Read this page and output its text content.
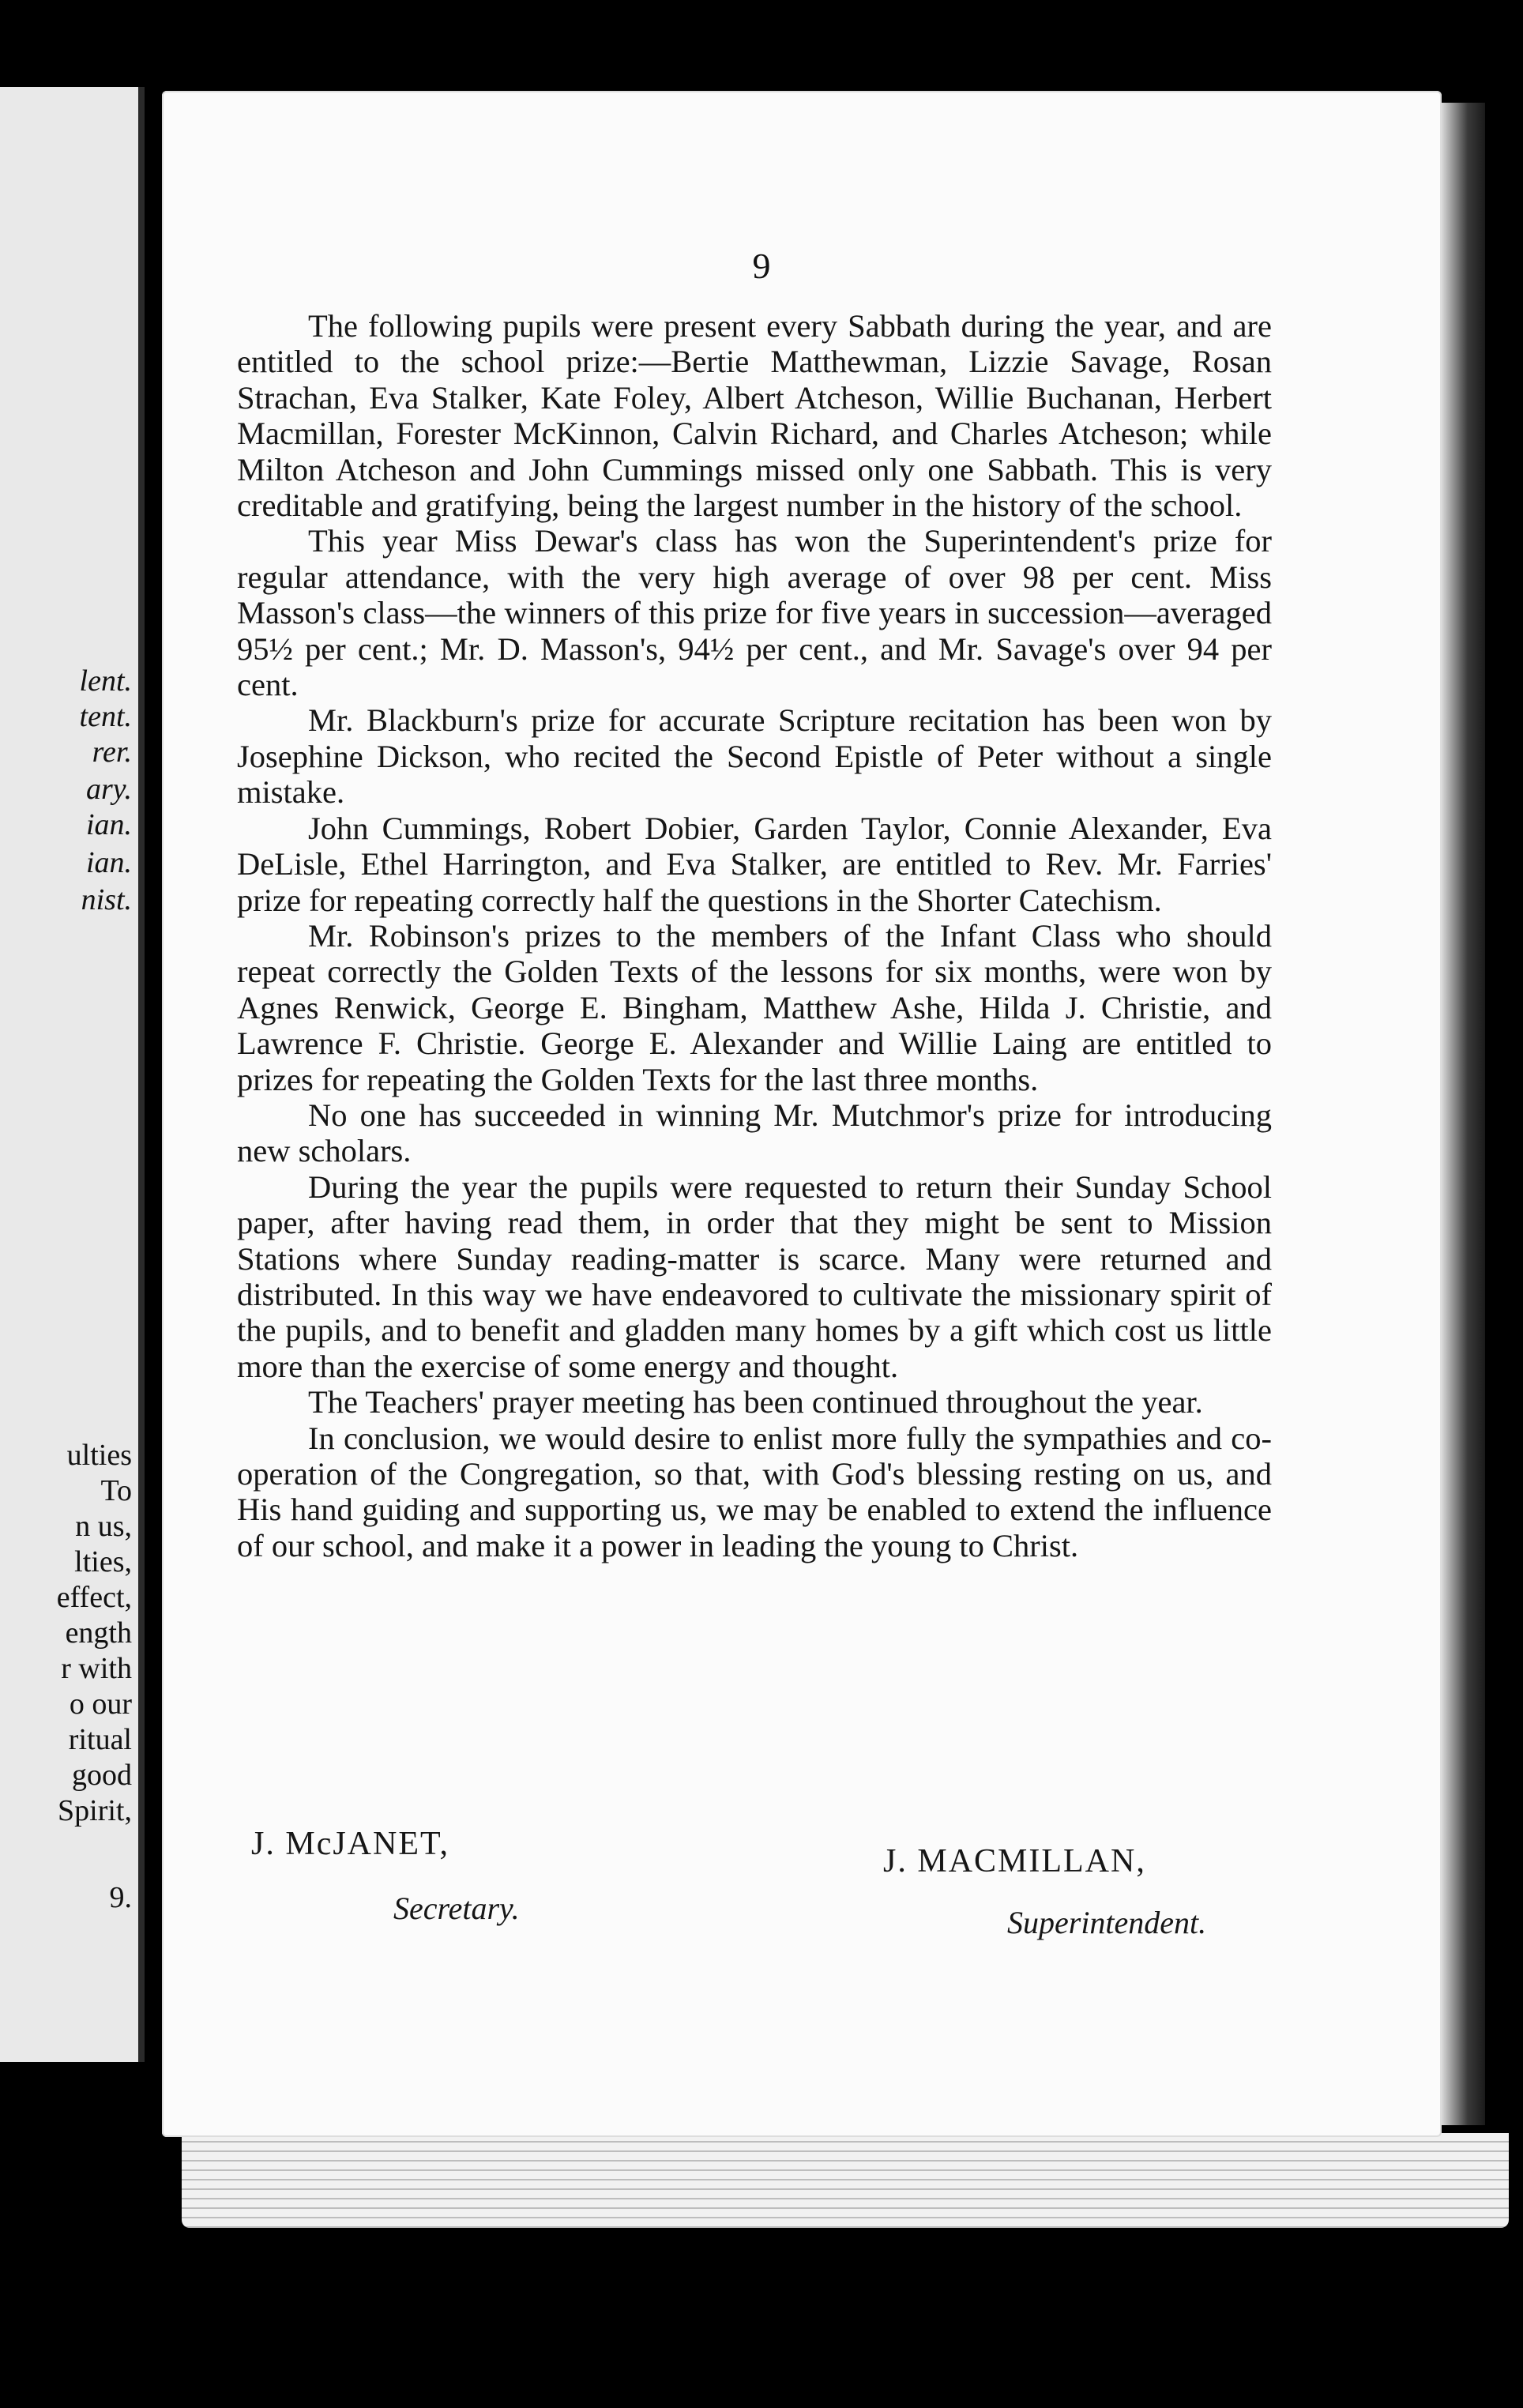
lent.
tent.
rer.
ary.
ian.
ian.
nist.
ulties
To
n us,
lties,
effect,
ength
r with
o our
ritual
good
Spirit,
9.
9

The following pupils were present every Sabbath during the year, and are entitled to the school prize:—Bertie Matthewman, Lizzie Savage, Rosan Strachan, Eva Stalker, Kate Foley, Albert Atcheson, Willie Buchanan, Herbert Macmillan, Forester McKinnon, Calvin Richard, and Charles Atcheson; while Milton Atcheson and John Cummings missed only one Sabbath. This is very creditable and gratifying, being the largest number in the history of the school.

This year Miss Dewar's class has won the Superintendent's prize for regular attendance, with the very high average of over 98 per cent. Miss Masson's class—the winners of this prize for five years in succession—averaged 95½ per cent.; Mr. D. Masson's, 94½ per cent., and Mr. Savage's over 94 per cent.

Mr. Blackburn's prize for accurate Scripture recitation has been won by Josephine Dickson, who recited the Second Epistle of Peter without a single mistake.

John Cummings, Robert Dobier, Garden Taylor, Connie Alexander, Eva DeLisle, Ethel Harrington, and Eva Stalker, are entitled to Rev. Mr. Farries' prize for repeating correctly half the questions in the Shorter Catechism.

Mr. Robinson's prizes to the members of the Infant Class who should repeat correctly the Golden Texts of the lessons for six months, were won by Agnes Renwick, George E. Bingham, Matthew Ashe, Hilda J. Christie, and Lawrence F. Christie. George E. Alexander and Willie Laing are entitled to prizes for repeating the Golden Texts for the last three months.

No one has succeeded in winning Mr. Mutchmor's prize for introducing new scholars.

During the year the pupils were requested to return their Sunday School paper, after having read them, in order that they might be sent to Mission Stations where Sunday reading-matter is scarce. Many were returned and distributed. In this way we have endeavored to cultivate the missionary spirit of the pupils, and to benefit and gladden many homes by a gift which cost us little more than the exercise of some energy and thought.

The Teachers' prayer meeting has been continued throughout the year.

In conclusion, we would desire to enlist more fully the sympathies and co-operation of the Congregation, so that, with God's blessing resting on us, and His hand guiding and supporting us, we may be enabled to extend the influence of our school, and make it a power in leading the young to Christ.

J. McJANET,
Secretary.
J. MACMILLAN,
Superintendent.
